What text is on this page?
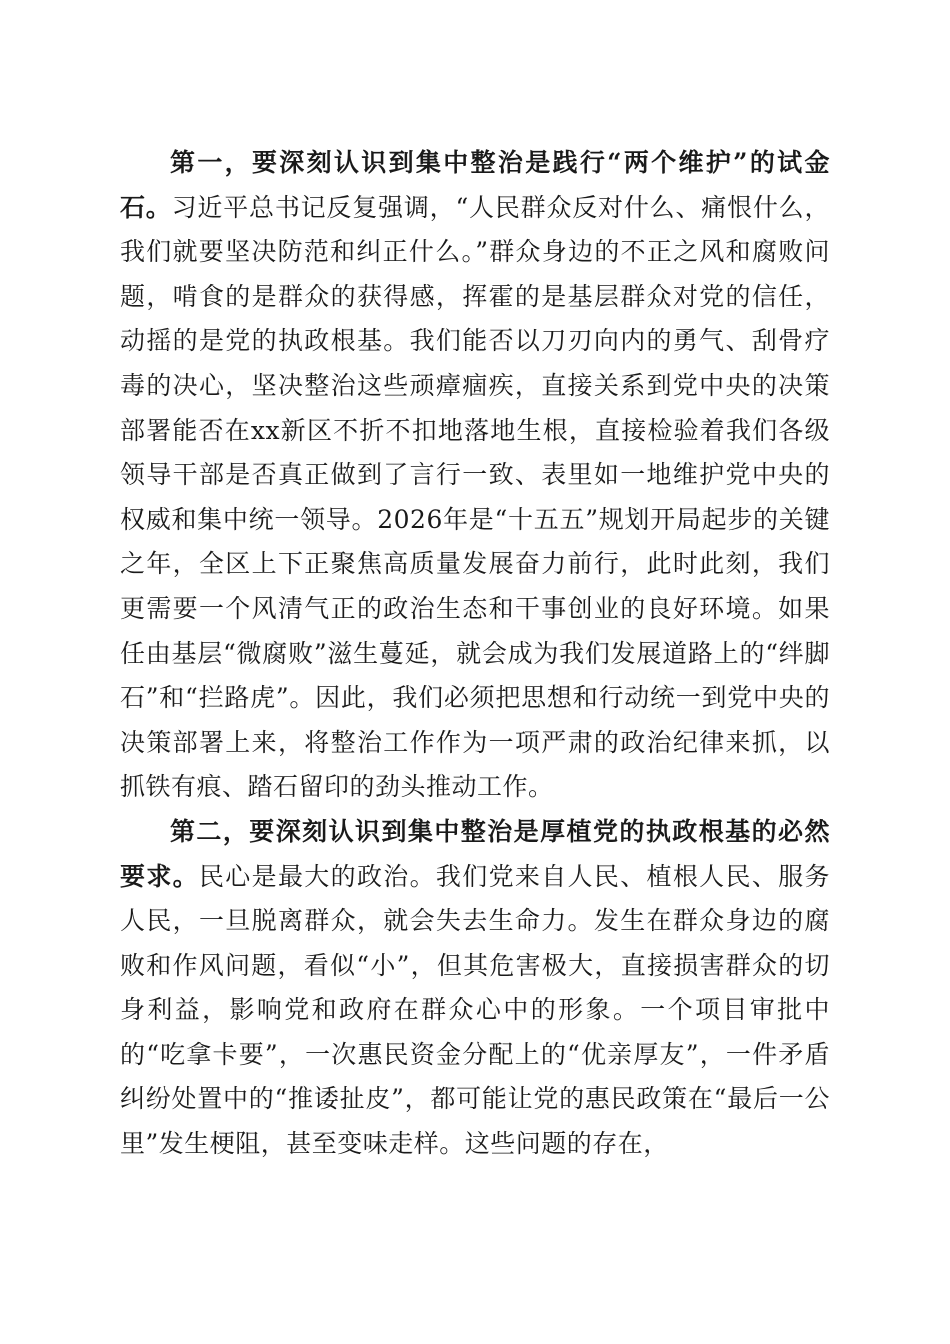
第一，要深刻认识到集中整治是践行“两个维护”的试金石。习近平总书记反复强调，“人民群众反对什么、痛恨什么，我们就要坚决防范和纠正什么。”群众身边的不正之风和腐败问题，啃食的是群众的获得感，挥霍的是基层群众对党的信任，动摇的是党的执政根基。我们能否以刀刃向内的勇气、刮骨疗毒的决心，坚决整治这些顽瘴痼疾，直接关系到党中央的决策部署能否在xx新区不折不扣地落地生根，直接检验着我们各级领导干部是否真正做到了言行一致、表里如一地维护党中央的权威和集中统一领导。2026年是“十五五”规划开局起步的关键之年，全区上下正聚焦高质量发展奋力前行，此时此刻，我们更需要一个风清气正的政治生态和干事创业的良好环境。如果任由基层“微腐败”滋生蔓延，就会成为我们发展道路上的“绊脚石”和“拦路虎”。因此，我们必须把思想和行动统一到党中央的决策部署上来，将整治工作作为一项严肃的政治纪律来抓，以抓铁有痕、踏石留印的劲头推动工作。

第二，要深刻认识到集中整治是厚植党的执政根基的必然要求。民心是最大的政治。我们党来自人民、植根人民、服务人民，一旦脱离群众，就会失去生命力。发生在群众身边的腐败和作风问题，看似“小”，但其危害极大，直接损害群众的切身利益，影响党和政府在群众心中的形象。一个项目审批中的“吃拿卡要”，一次惠民资金分配上的“优亲厚友”，一件矛盾纠纷处置中的“推诿扯皮”，都可能让党的惠民政策在“最后一公里”发生梗阻，甚至变味走样。这些问题的存在，
